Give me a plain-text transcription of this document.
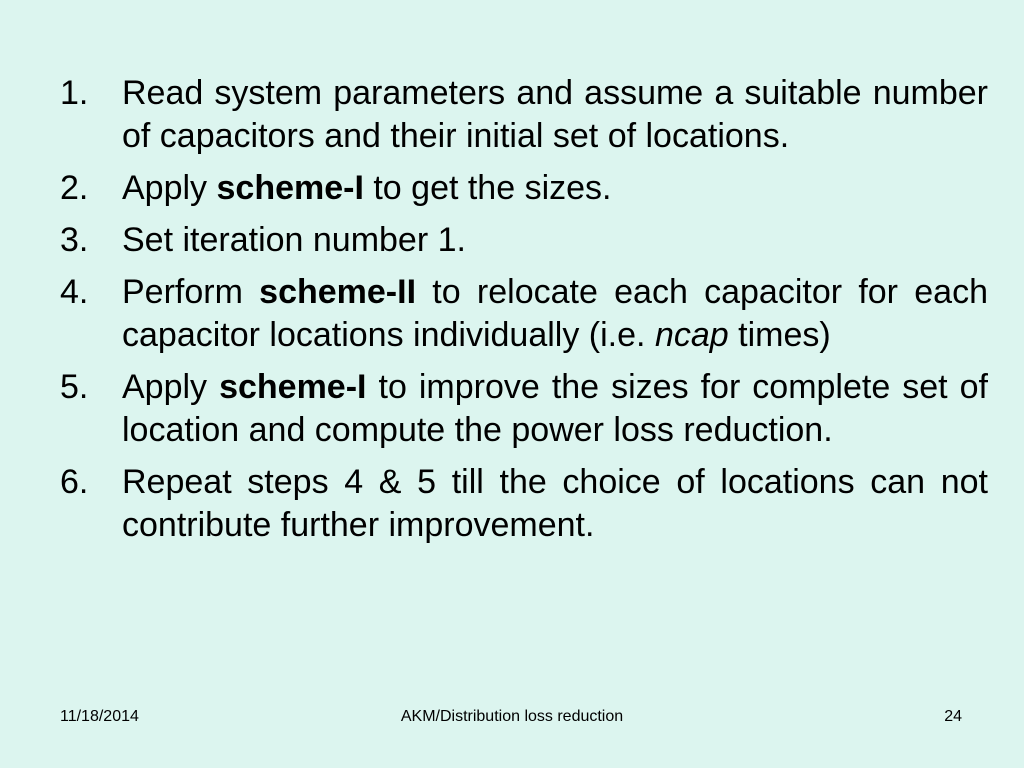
1. Read system parameters and assume a suitable number of capacitors and their initial set of locations.
2. Apply scheme-I to get the sizes.
3. Set iteration number 1.
4. Perform scheme-II to relocate each capacitor for each capacitor locations individually (i.e. ncap times)
5. Apply scheme-I to improve the sizes for complete set of location and compute the power loss reduction.
6. Repeat steps 4 & 5 till the choice of locations can not contribute further improvement.
AKM/Distribution loss reduction
11/18/2014	24
